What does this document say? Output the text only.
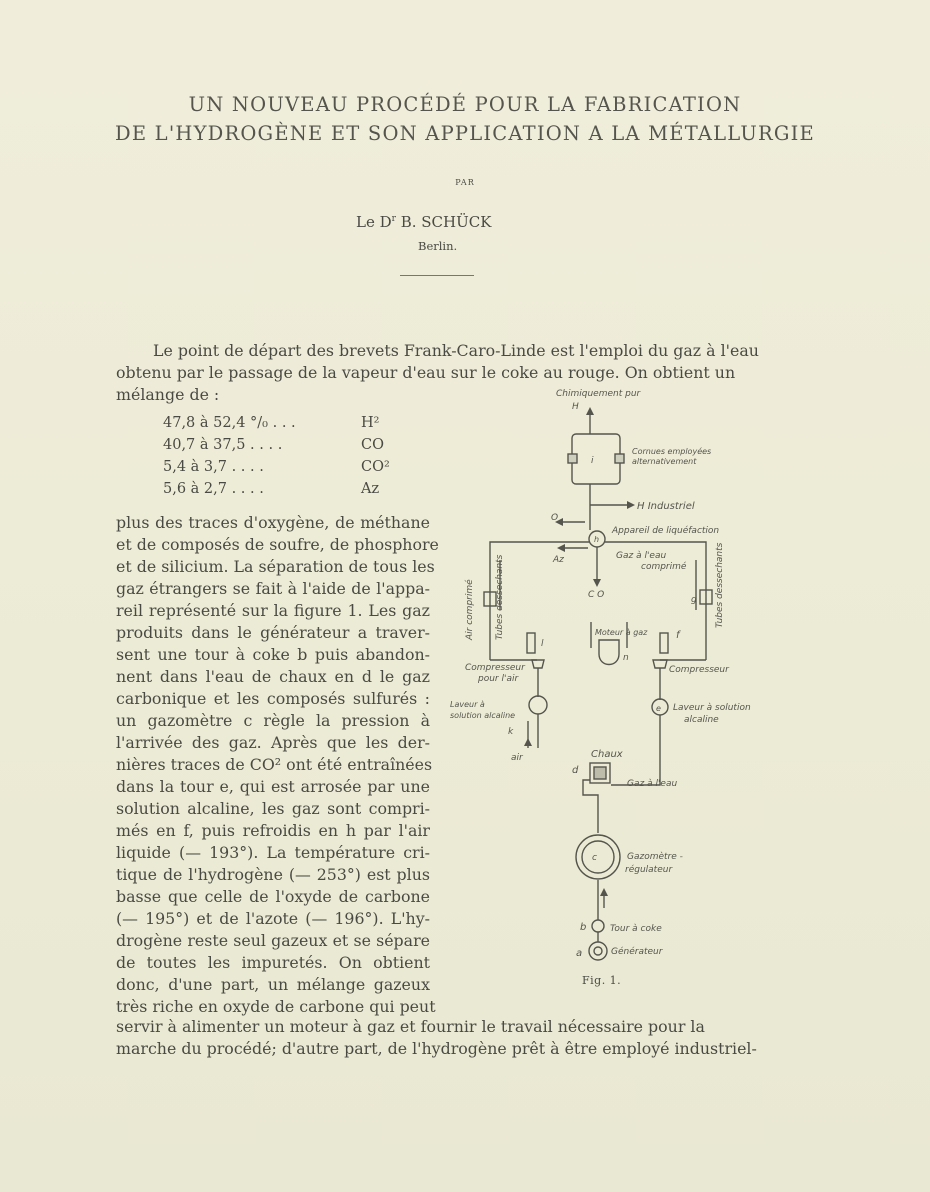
UN NOUVEAU PROCÉDÉ POUR LA FABRICATION
DE L'HYDROGÈNE ET SON APPLICATION A LA MÉTALLURGIE
PAR
Le $D^r$ B. SCHÜCK
Berlin.
Le point de départ des brevets Frank-Caro-Linde est l'emploi du gaz à l'eau
obtenu par le passage de la vapeur d'eau sur le coke au rouge. On obtient un
mélange de :
47,8 à 52,4 °/₀ . . .	H²
40,7 à 37,5 . . . .	CO
5,4 à 3,7 . . . .	CO²
5,6 à 2,7 . . . .	Az
plus des traces d'oxygène, de méthane
et de composés de soufre, de phosphore
et de silicium. La séparation de tous les
gaz étrangers se fait à l'aide de l'appa-
reil représenté sur la figure 1. Les gaz
produits dans le générateur a traver-
sent une tour à coke b puis abandon-
nent dans l'eau de chaux en d le gaz
carbonique et les composés sulfurés :
un gazomètre c règle la pression à
l'arrivée des gaz. Après que les der-
nières traces de CO² ont été entraînées
dans la tour e, qui est arrosée par une
solution alcaline, les gaz sont compri-
més en f, puis refroidis en h par l'air
liquide (— 193°). La température cri-
tique de l'hydrogène (— 253°) est plus
basse que celle de l'oxyde de carbone
(— 195°) et de l'azote (— 196°). L'hy-
drogène reste seul gazeux et se sépare
de toutes les impuretés. On obtient
donc, d'une part, un mélange gazeux
très riche en oxyde de carbone qui peut
servir à alimenter un moteur à gaz et fournir le travail nécessaire pour la
marche du procédé; d'autre part, de l'hydrogène prêt à être employé industriel-
Chimiquement pur
H
Cornues employées
alternativement
i
H Industriel
O
Appareil de liquéfaction
h
Az	Gaz à l'eau
comprimé
C O
Air comprimé Tubes dessechants	Tubes dessechants
g
Moteur à gaz
n
l
f
Compresseur
pour l'air
Compresseur
Laveur à
solution alcaline
k
air
e Laveur à solution
alcaline
Chaux
d
Gaz à l'eau
c	Gazomètre -
régulateur
b	Tour à coke
a	Générateur
Fig. 1.
